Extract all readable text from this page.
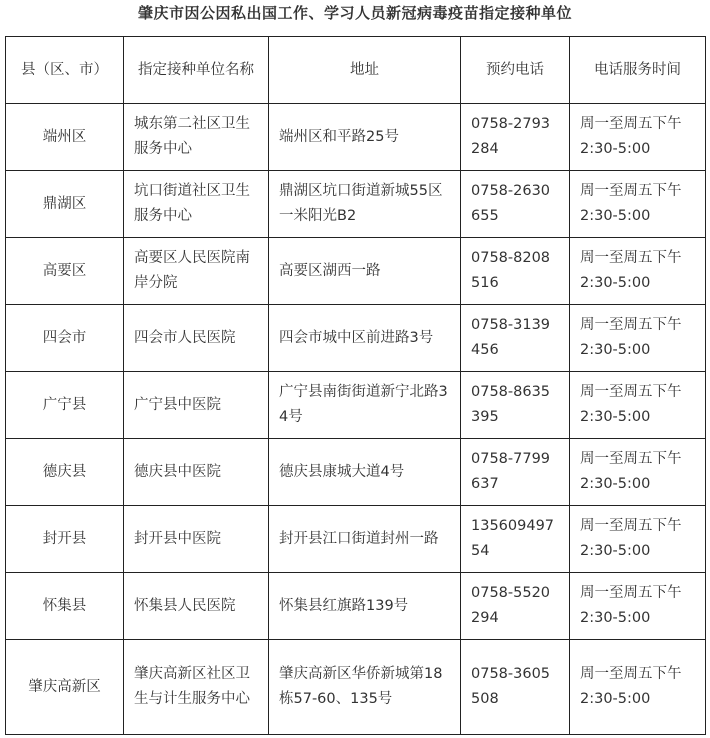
肇庆市因公因私出国工作、学习人员新冠病毒疫苗指定接种单位
县（区、市）	指定接种单位名称	地址	预约电话	电话服务时间
端州区	城东第二社区卫生服务中心	端州区和平路25号	0758-2793284	周一至周五下午2:30-5:00
鼎湖区	坑口街道社区卫生服务中心	鼎湖区坑口街道新城55区一米阳光B2	0758-2630655	周一至周五下午2:30-5:00
高要区	高要区人民医院南岸分院	高要区湖西一路	0758-8208516	周一至周五下午2:30-5:00
四会市	四会市人民医院	四会市城中区前进路3号	0758-3139456	周一至周五下午2:30-5:00
广宁县	广宁县中医院	广宁县南街街道新宁北路34号	0758-8635395	周一至周五下午2:30-5:00
德庆县	德庆县中医院	德庆县康城大道4号	0758-7799637	周一至周五下午2:30-5:00
封开县	封开县中医院	封开县江口街道封州一路	13560949754	周一至周五下午2:30-5:00
怀集县	怀集县人民医院	怀集县红旗路139号	0758-5520294	周一至周五下午2:30-5:00
肇庆高新区	肇庆高新区社区卫生与计生服务中心	肇庆高新区华侨新城第18栋57-60、135号	0758-3605508	周一至周五下午2:30-5:00
